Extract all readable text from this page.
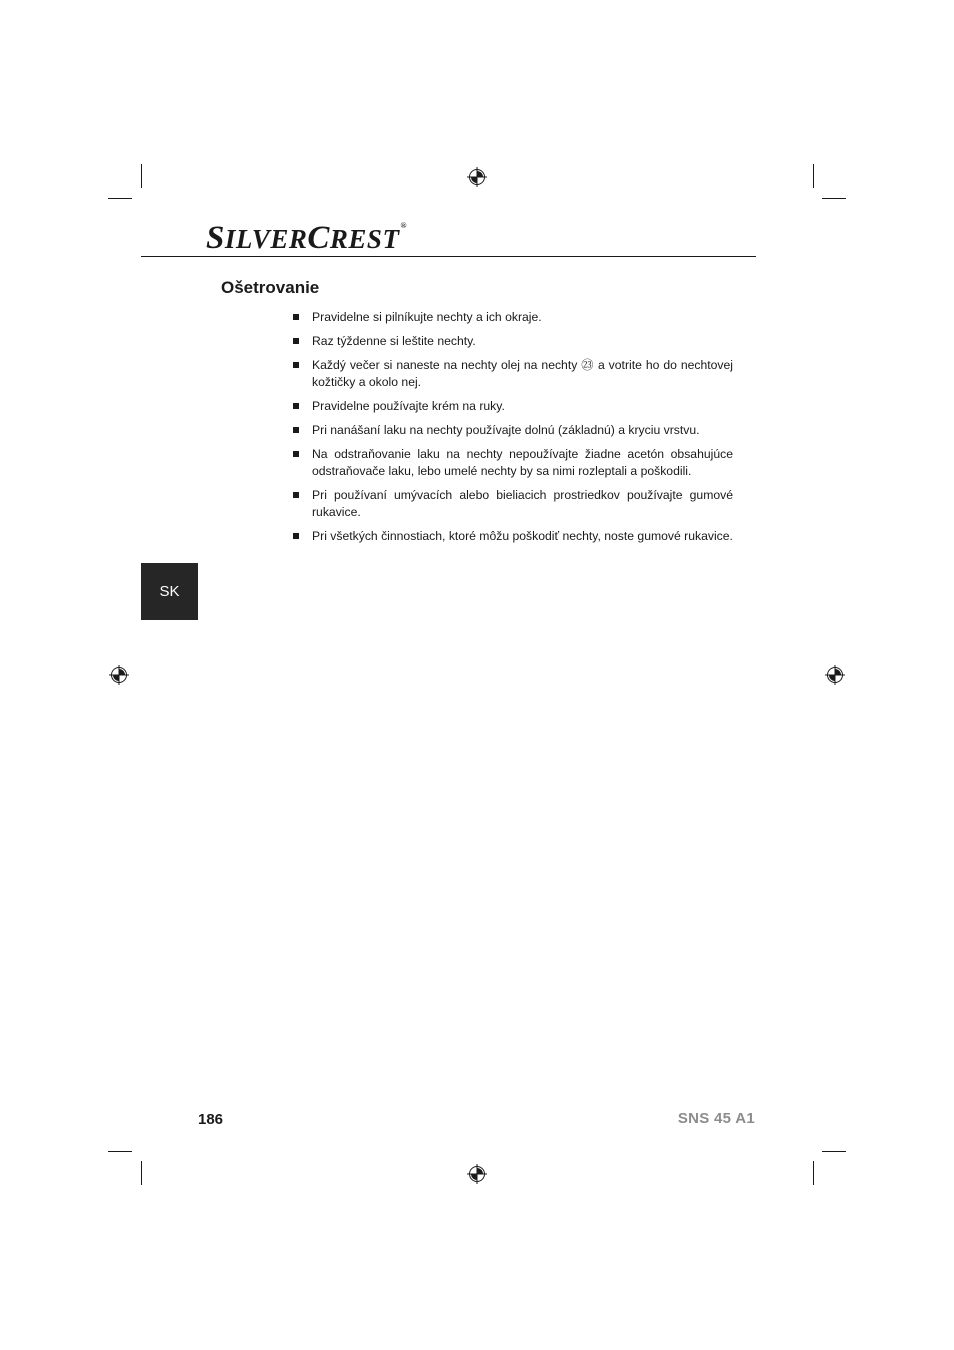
SILVERCREST®
Ošetrovanie
Pravidelne si pilníkujte nechty a ich okraje.
Raz týždenne si leštite nechty.
Každý večer si naneste na nechty olej na nechty ㉓ a votrite ho do nechtovej kožtičky a okolo nej.
Pravidelne používajte krém na ruky.
Pri nanášaní laku na nechty používajte dolnú (základnú) a kryciu vrstvu.
Na odstraňovanie laku na nechty nepoužívajte žiadne acetón obsahujúce odstraňovače laku, lebo umelé nechty by sa nimi rozleptali a poškodili.
Pri používaní umývacích alebo bieliacich prostriedkov používajte gumové rukavice.
Pri všetkých činnostiach, ktoré môžu poškodiť nechty, noste gumové rukavice.
SK
186	SNS 45 A1
